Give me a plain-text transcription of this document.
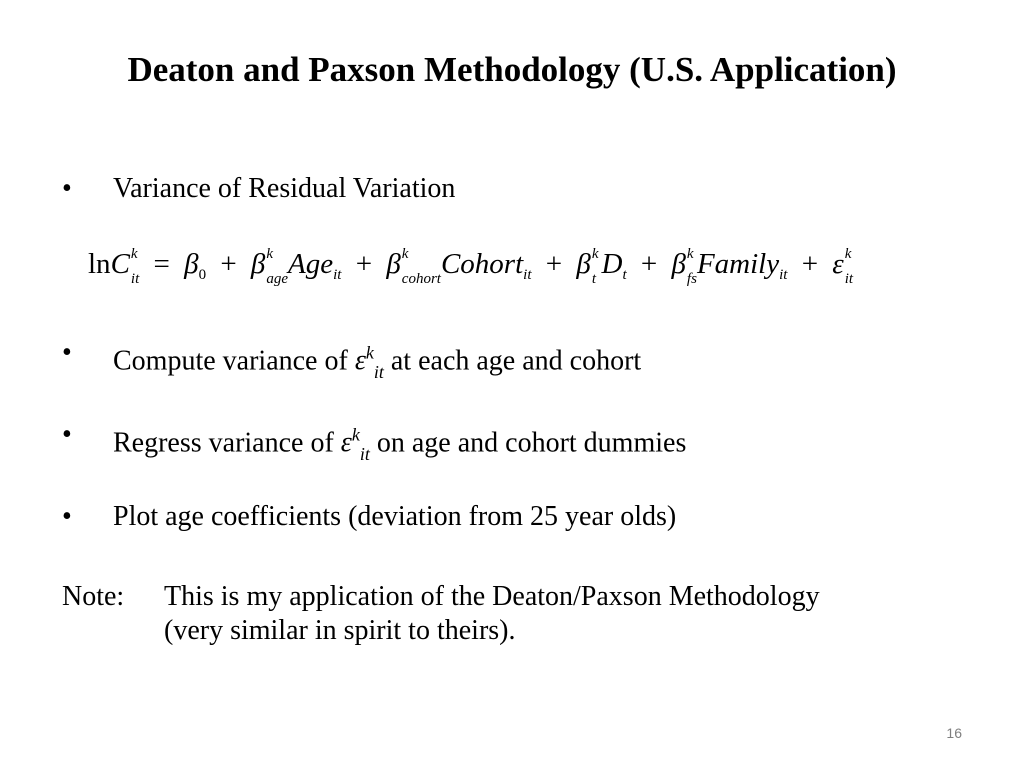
Deaton and Paxson Methodology (U.S. Application)
• Variance of Residual Variation
lnC k
it = β0 + β k
age Ageit + β k
cohort Cohortit + β k
t Dt + β k
fs Familyit + ε k
it
• Compute variance of $\varepsilon^k_{it}$ at each age and cohort
• Regress variance of $\varepsilon^k_{it}$ on age and cohort dummies
• Plot age coefficients (deviation from 25 year olds)
Note: This is my application of the Deaton/Paxson Methodology
(very similar in spirit to theirs).
16
